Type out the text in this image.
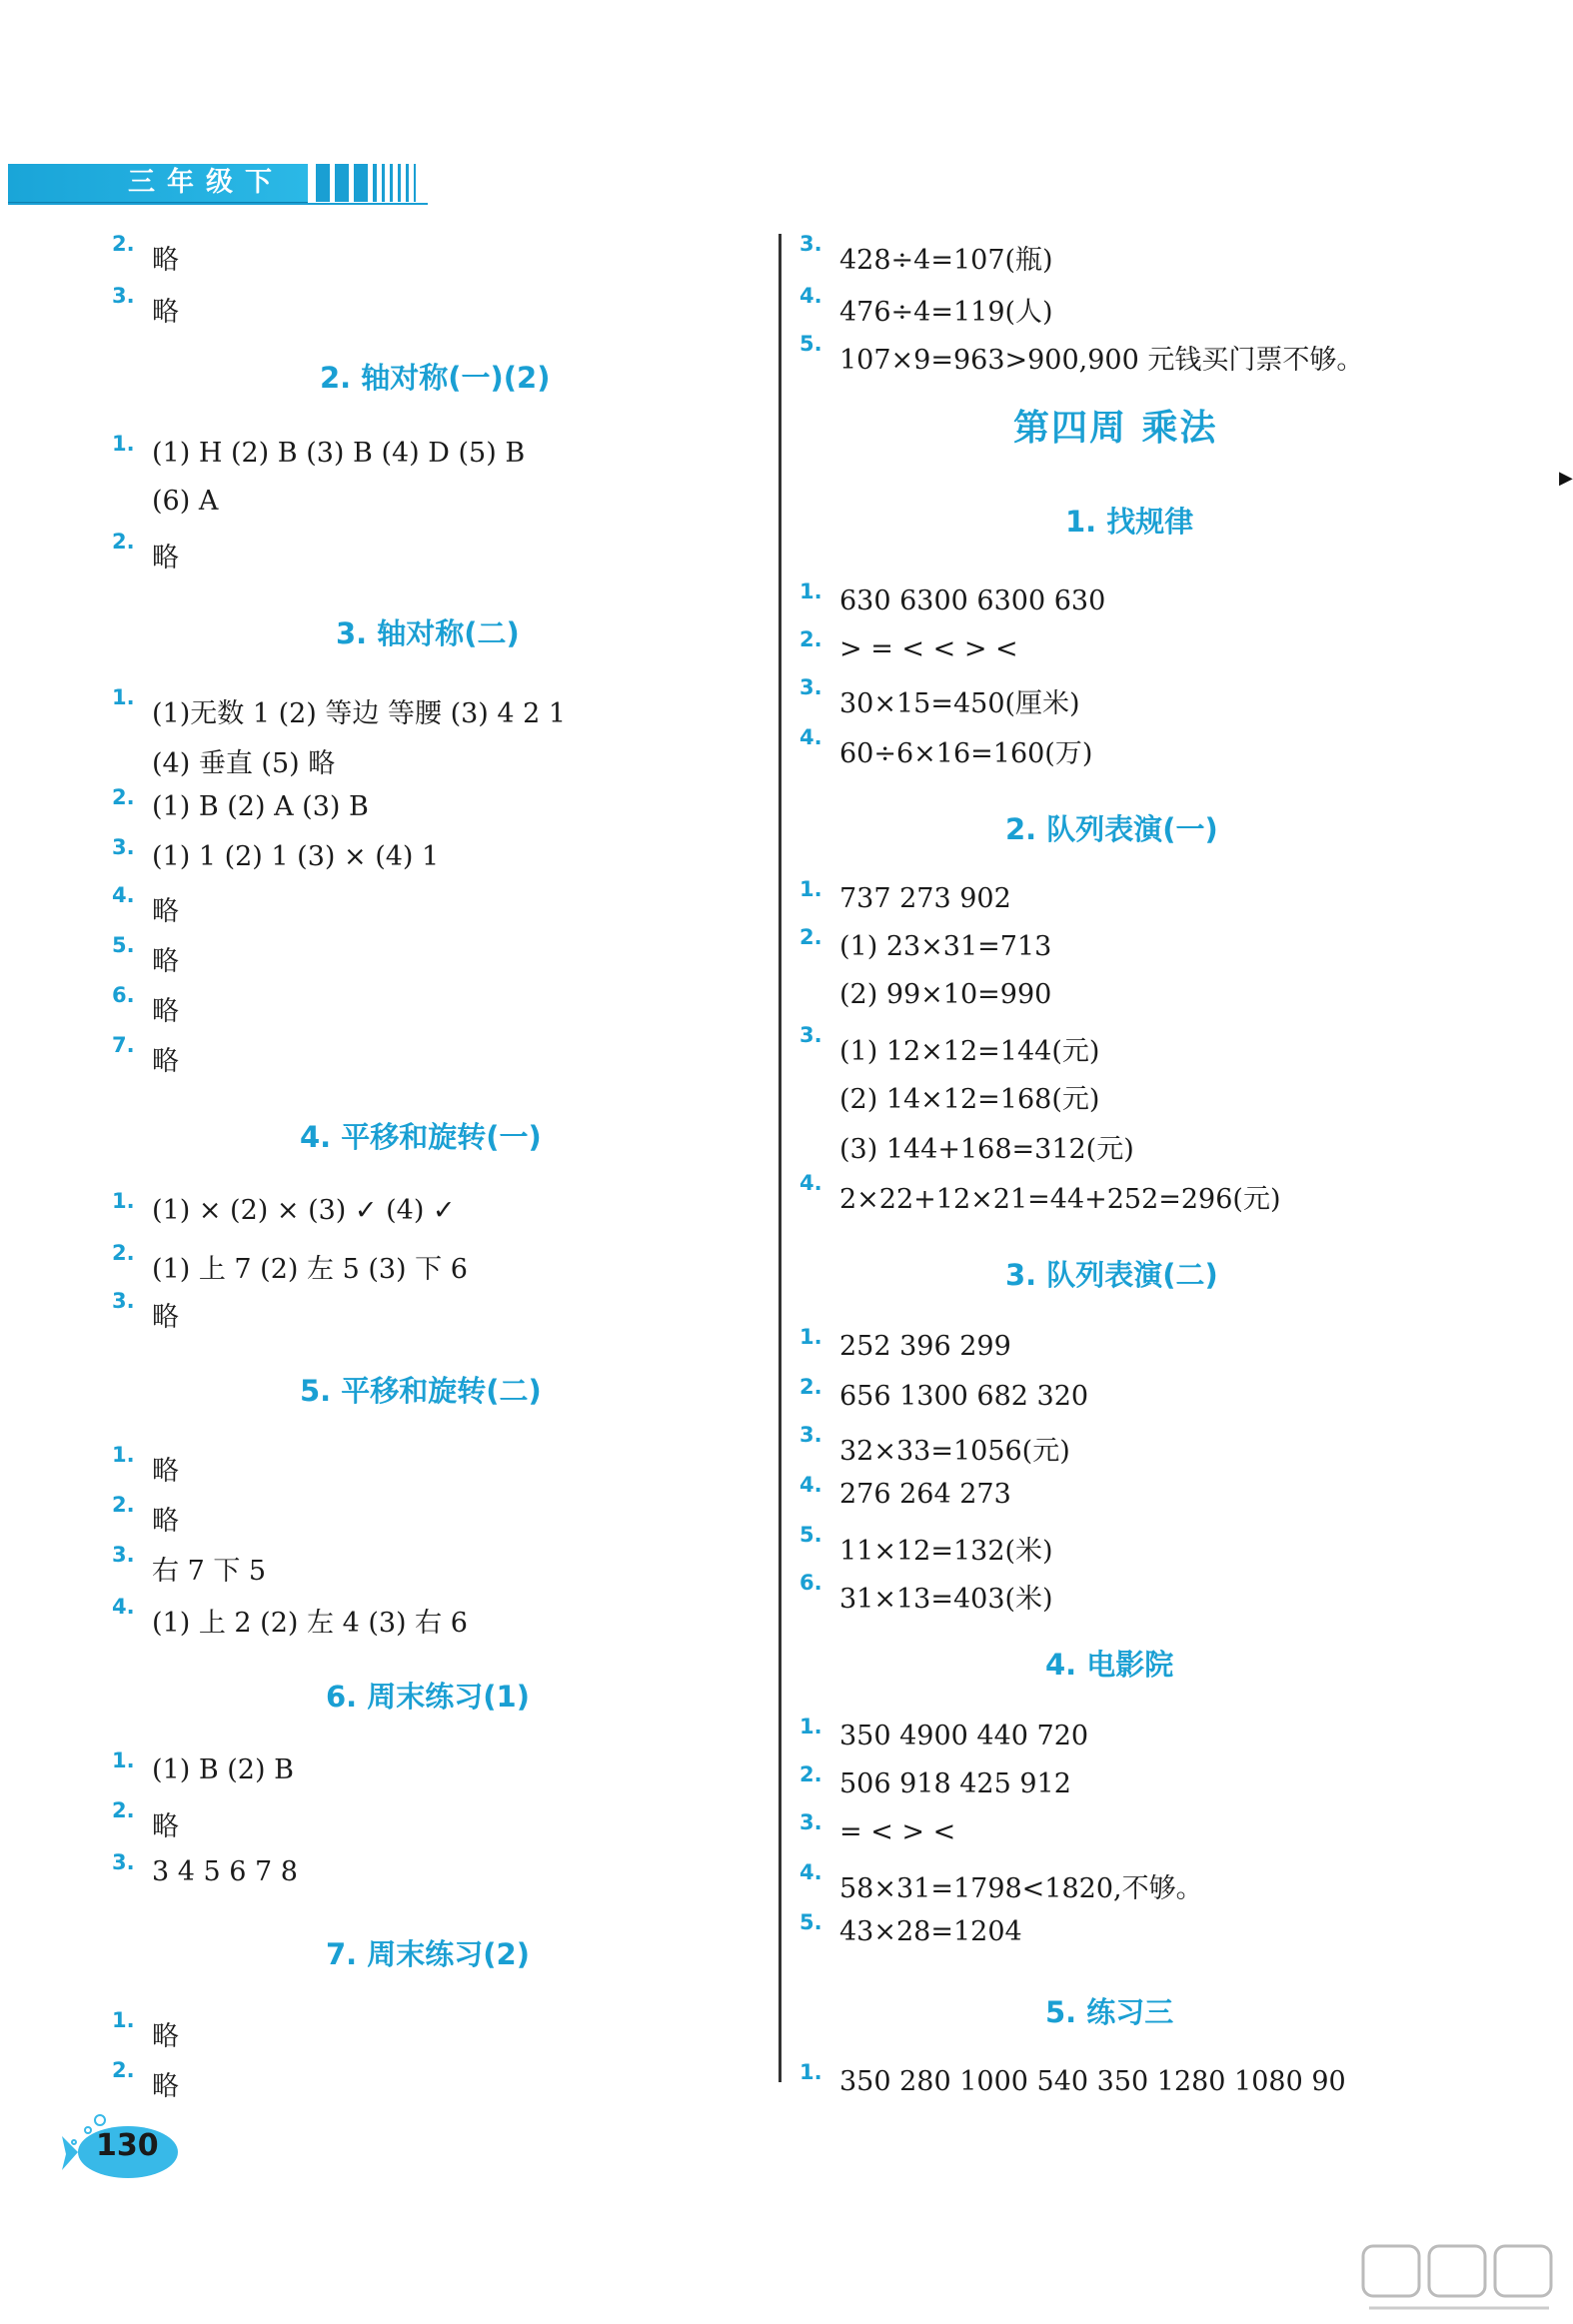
三年级下
▶
2.
略
3.
略
2. 轴对称(一)(2)
1. (1) H (2) B (3) B (4) D (5) B
(6) A
2.
略
3. 轴对称(二)
1.
(1)无数 1 (2) 等边 等腰 (3) 4 2 1
(4) 垂直 (5) 略
2. (1) B (2) A (3) B
3. (1) 1 (2) 1 (3) × (4) 1
4.
略
5.
略
6.
略
7.
略
4. 平移和旋转(一)
1. (1) × (2) × (3) ✓ (4) ✓
2.
(1) 上 7 (2) 左 5 (3) 下 6
3.
略
5. 平移和旋转(二)
1.
略
2.
略
3.
右 7 下 5
4.
(1) 上 2 (2) 左 4 (3) 右 6
6. 周末练习(1)
1. (1) B (2) B
2.
略
3. 3 4 5 6 7 8
7. 周末练习(2)
1.
略
2.
略
3.
428÷4=107(瓶)
4.
476÷4=119(人)
5.
107×9=963>900,900 元钱买门票不够。
第四周 乘法
1. 找规律
1. 630 6300 6300 630
2. > = < < > <
3.
30×15=450(厘米)
4.
60÷6×16=160(万)
2. 队列表演(一)
1. 737 273 902
2. (1) 23×31=713
(2) 99×10=990
3.
(1) 12×12=144(元)
(2) 14×12=168(元)
(3) 144+168=312(元)
4.
2×22+12×21=44+252=296(元)
3. 队列表演(二)
1. 252 396 299
2. 656 1300 682 320
3.
32×33=1056(元)
4. 276 264 273
5.
11×12=132(米)
6.
31×13=403(米)
4. 电影院
1. 350 4900 440 720
2. 506 918 425 912
3. = < > <
4.
58×31=1798<1820,不够。
5. 43×28=1204
5. 练习三
1. 350 280 1000 540 350 1280 1080 90
130
